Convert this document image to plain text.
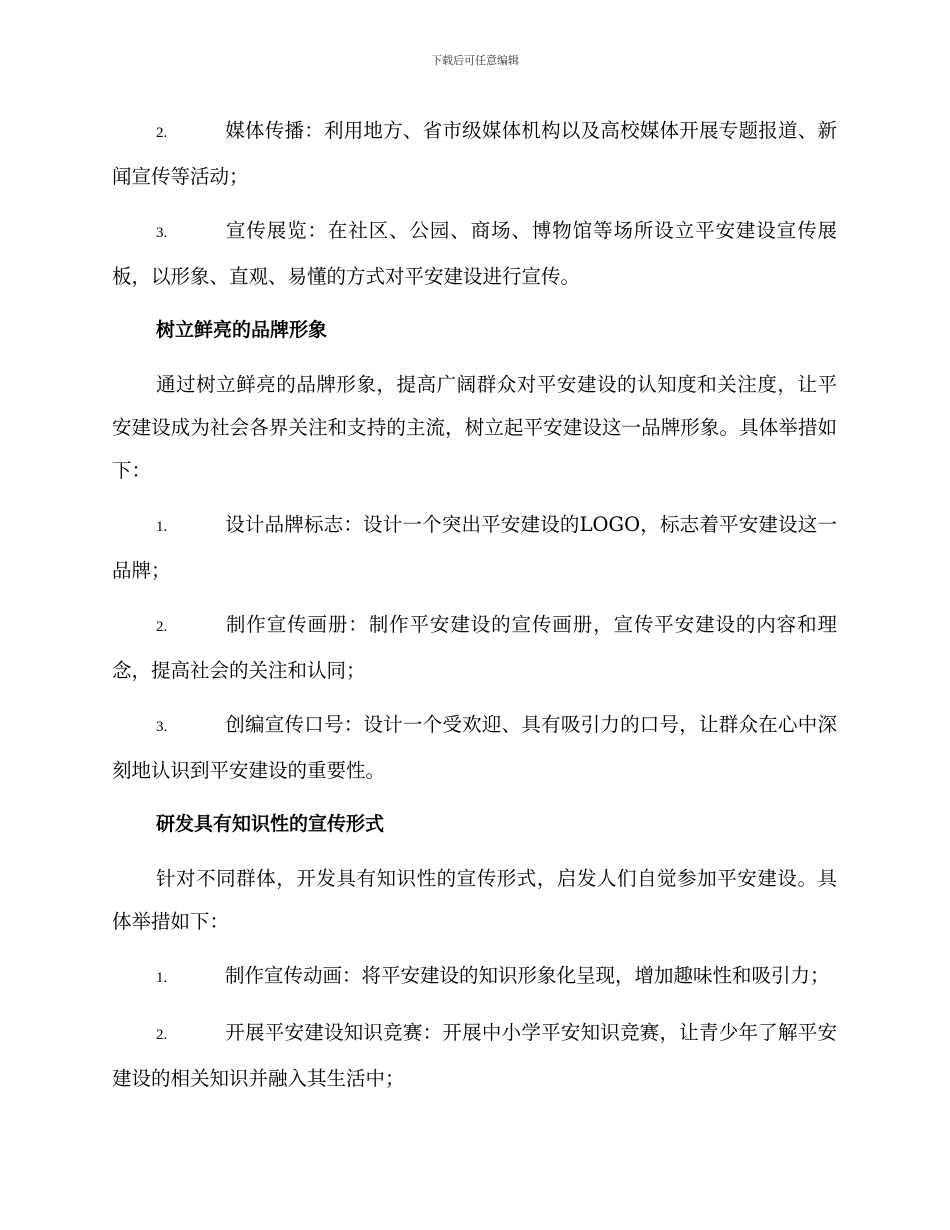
下载后可任意编辑

2.	媒体传播：利用地方、省市级媒体机构以及高校媒体开展专题报道、新闻宣传等活动；

3.	宣传展览：在社区、公园、商场、博物馆等场所设立平安建设宣传展板，以形象、直观、易懂的方式对平安建设进行宣传。

树立鲜亮的品牌形象

通过树立鲜亮的品牌形象，提高广阔群众对平安建设的认知度和关注度，让平安建设成为社会各界关注和支持的主流，树立起平安建设这一品牌形象。具体举措如下：

1.	设计品牌标志：设计一个突出平安建设的LOGO，标志着平安建设这一品牌；

2.	制作宣传画册：制作平安建设的宣传画册，宣传平安建设的内容和理念，提高社会的关注和认同；

3.	创编宣传口号：设计一个受欢迎、具有吸引力的口号，让群众在心中深刻地认识到平安建设的重要性。

研发具有知识性的宣传形式

针对不同群体，开发具有知识性的宣传形式，启发人们自觉参加平安建设。具体举措如下：

1.	制作宣传动画：将平安建设的知识形象化呈现，增加趣味性和吸引力；

2.	开展平安建设知识竞赛：开展中小学平安知识竞赛，让青少年了解平安建设的相关知识并融入其生活中；
